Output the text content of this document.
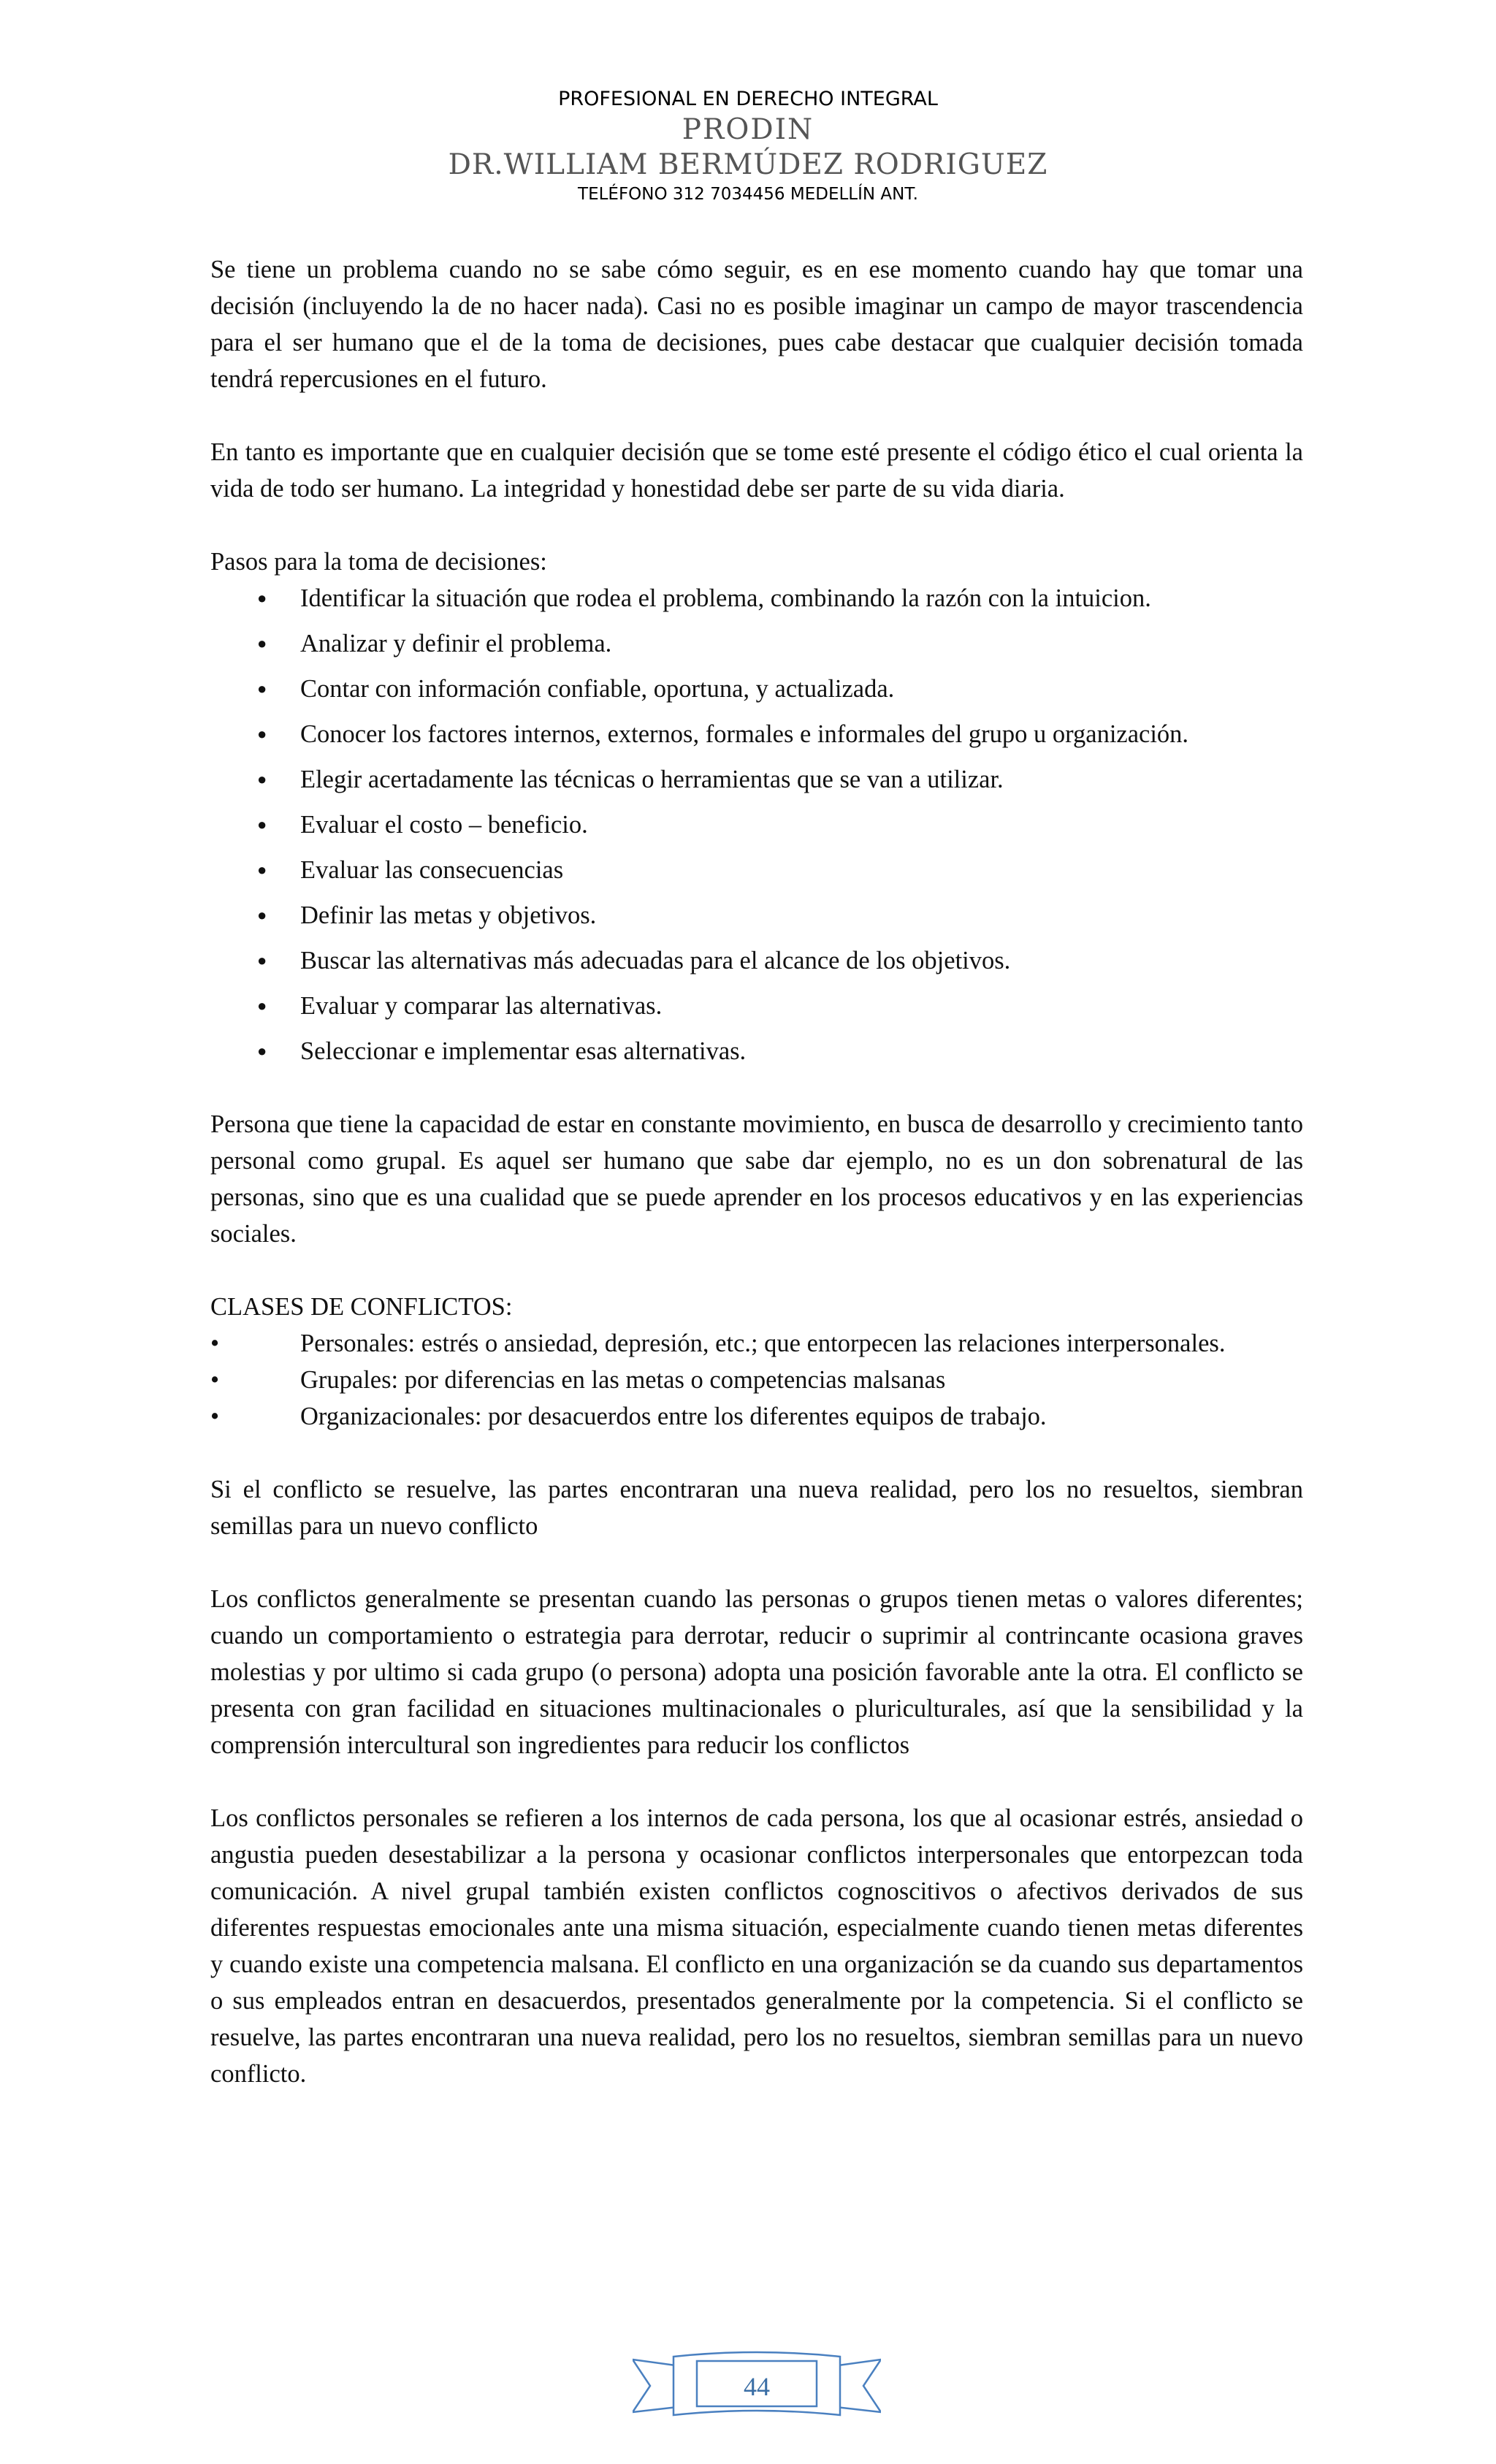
PROFESIONAL EN DERECHO INTEGRAL
PRODIN
DR.WILLIAM BERMÚDEZ RODRIGUEZ
TELÉFONO 312 7034456 MEDELLÍN ANT.

Se tiene un problema cuando no se sabe cómo seguir, es en ese momento cuando hay que tomar una decisión (incluyendo la de no hacer nada). Casi no es posible imaginar un campo de mayor trascendencia para el ser humano que el de la toma de decisiones, pues cabe destacar que cualquier decisión tomada tendrá repercusiones en el futuro.

En tanto es importante que en cualquier decisión que se tome esté presente el código ético el cual orienta la vida de todo ser humano. La integridad y honestidad debe ser parte de su vida diaria.

Pasos para la toma de decisiones:

● Identificar la situación que rodea el problema, combinando la razón con la intuicion.
● Analizar y definir el problema.
● Contar con información confiable, oportuna, y actualizada.
● Conocer los factores internos, externos, formales e informales del grupo u organización.
● Elegir acertadamente las técnicas o herramientas que se van a utilizar.
● Evaluar el costo – beneficio.
● Evaluar las consecuencias
● Definir las metas y objetivos.
● Buscar las alternativas más adecuadas para el alcance de los objetivos.
● Evaluar y comparar las alternativas.
● Seleccionar e implementar esas alternativas.

Persona que tiene la capacidad de estar en constante movimiento, en busca de desarrollo y crecimiento tanto personal como grupal. Es aquel ser humano que sabe dar ejemplo, no es un don sobrenatural de las personas, sino que es una cualidad que se puede aprender en los procesos educativos y en las experiencias sociales.

CLASES DE CONFLICTOS:

•	Personales: estrés o ansiedad, depresión, etc.; que entorpecen las relaciones interpersonales.
•	Grupales: por diferencias en las metas o competencias malsanas
•	Organizacionales: por desacuerdos entre los diferentes equipos de trabajo.

Si el conflicto se resuelve, las partes encontraran una nueva realidad, pero los no resueltos, siembran semillas para un nuevo conflicto

Los conflictos generalmente se presentan cuando las personas o grupos tienen metas o valores diferentes; cuando un comportamiento o estrategia para derrotar, reducir o suprimir al contrincante ocasiona graves molestias y por ultimo si cada grupo (o persona) adopta una posición favorable ante la otra. El conflicto se presenta con gran facilidad en situaciones multinacionales o pluriculturales, así que la sensibilidad y la comprensión intercultural son ingredientes para reducir los conflictos

Los conflictos personales se refieren a los internos de cada persona, los que al ocasionar estrés, ansiedad o angustia pueden desestabilizar a la persona y ocasionar conflictos interpersonales que entorpezcan toda comunicación. A nivel grupal también existen conflictos cognoscitivos o afectivos derivados de sus diferentes respuestas emocionales ante una misma situación, especialmente cuando tienen metas diferentes y cuando existe una competencia malsana. El conflicto en una organización se da cuando sus departamentos o sus empleados entran en desacuerdos, presentados generalmente por la competencia. Si el conflicto se resuelve, las partes encontraran una nueva realidad, pero los no resueltos, siembran semillas para un nuevo conflicto.

44
